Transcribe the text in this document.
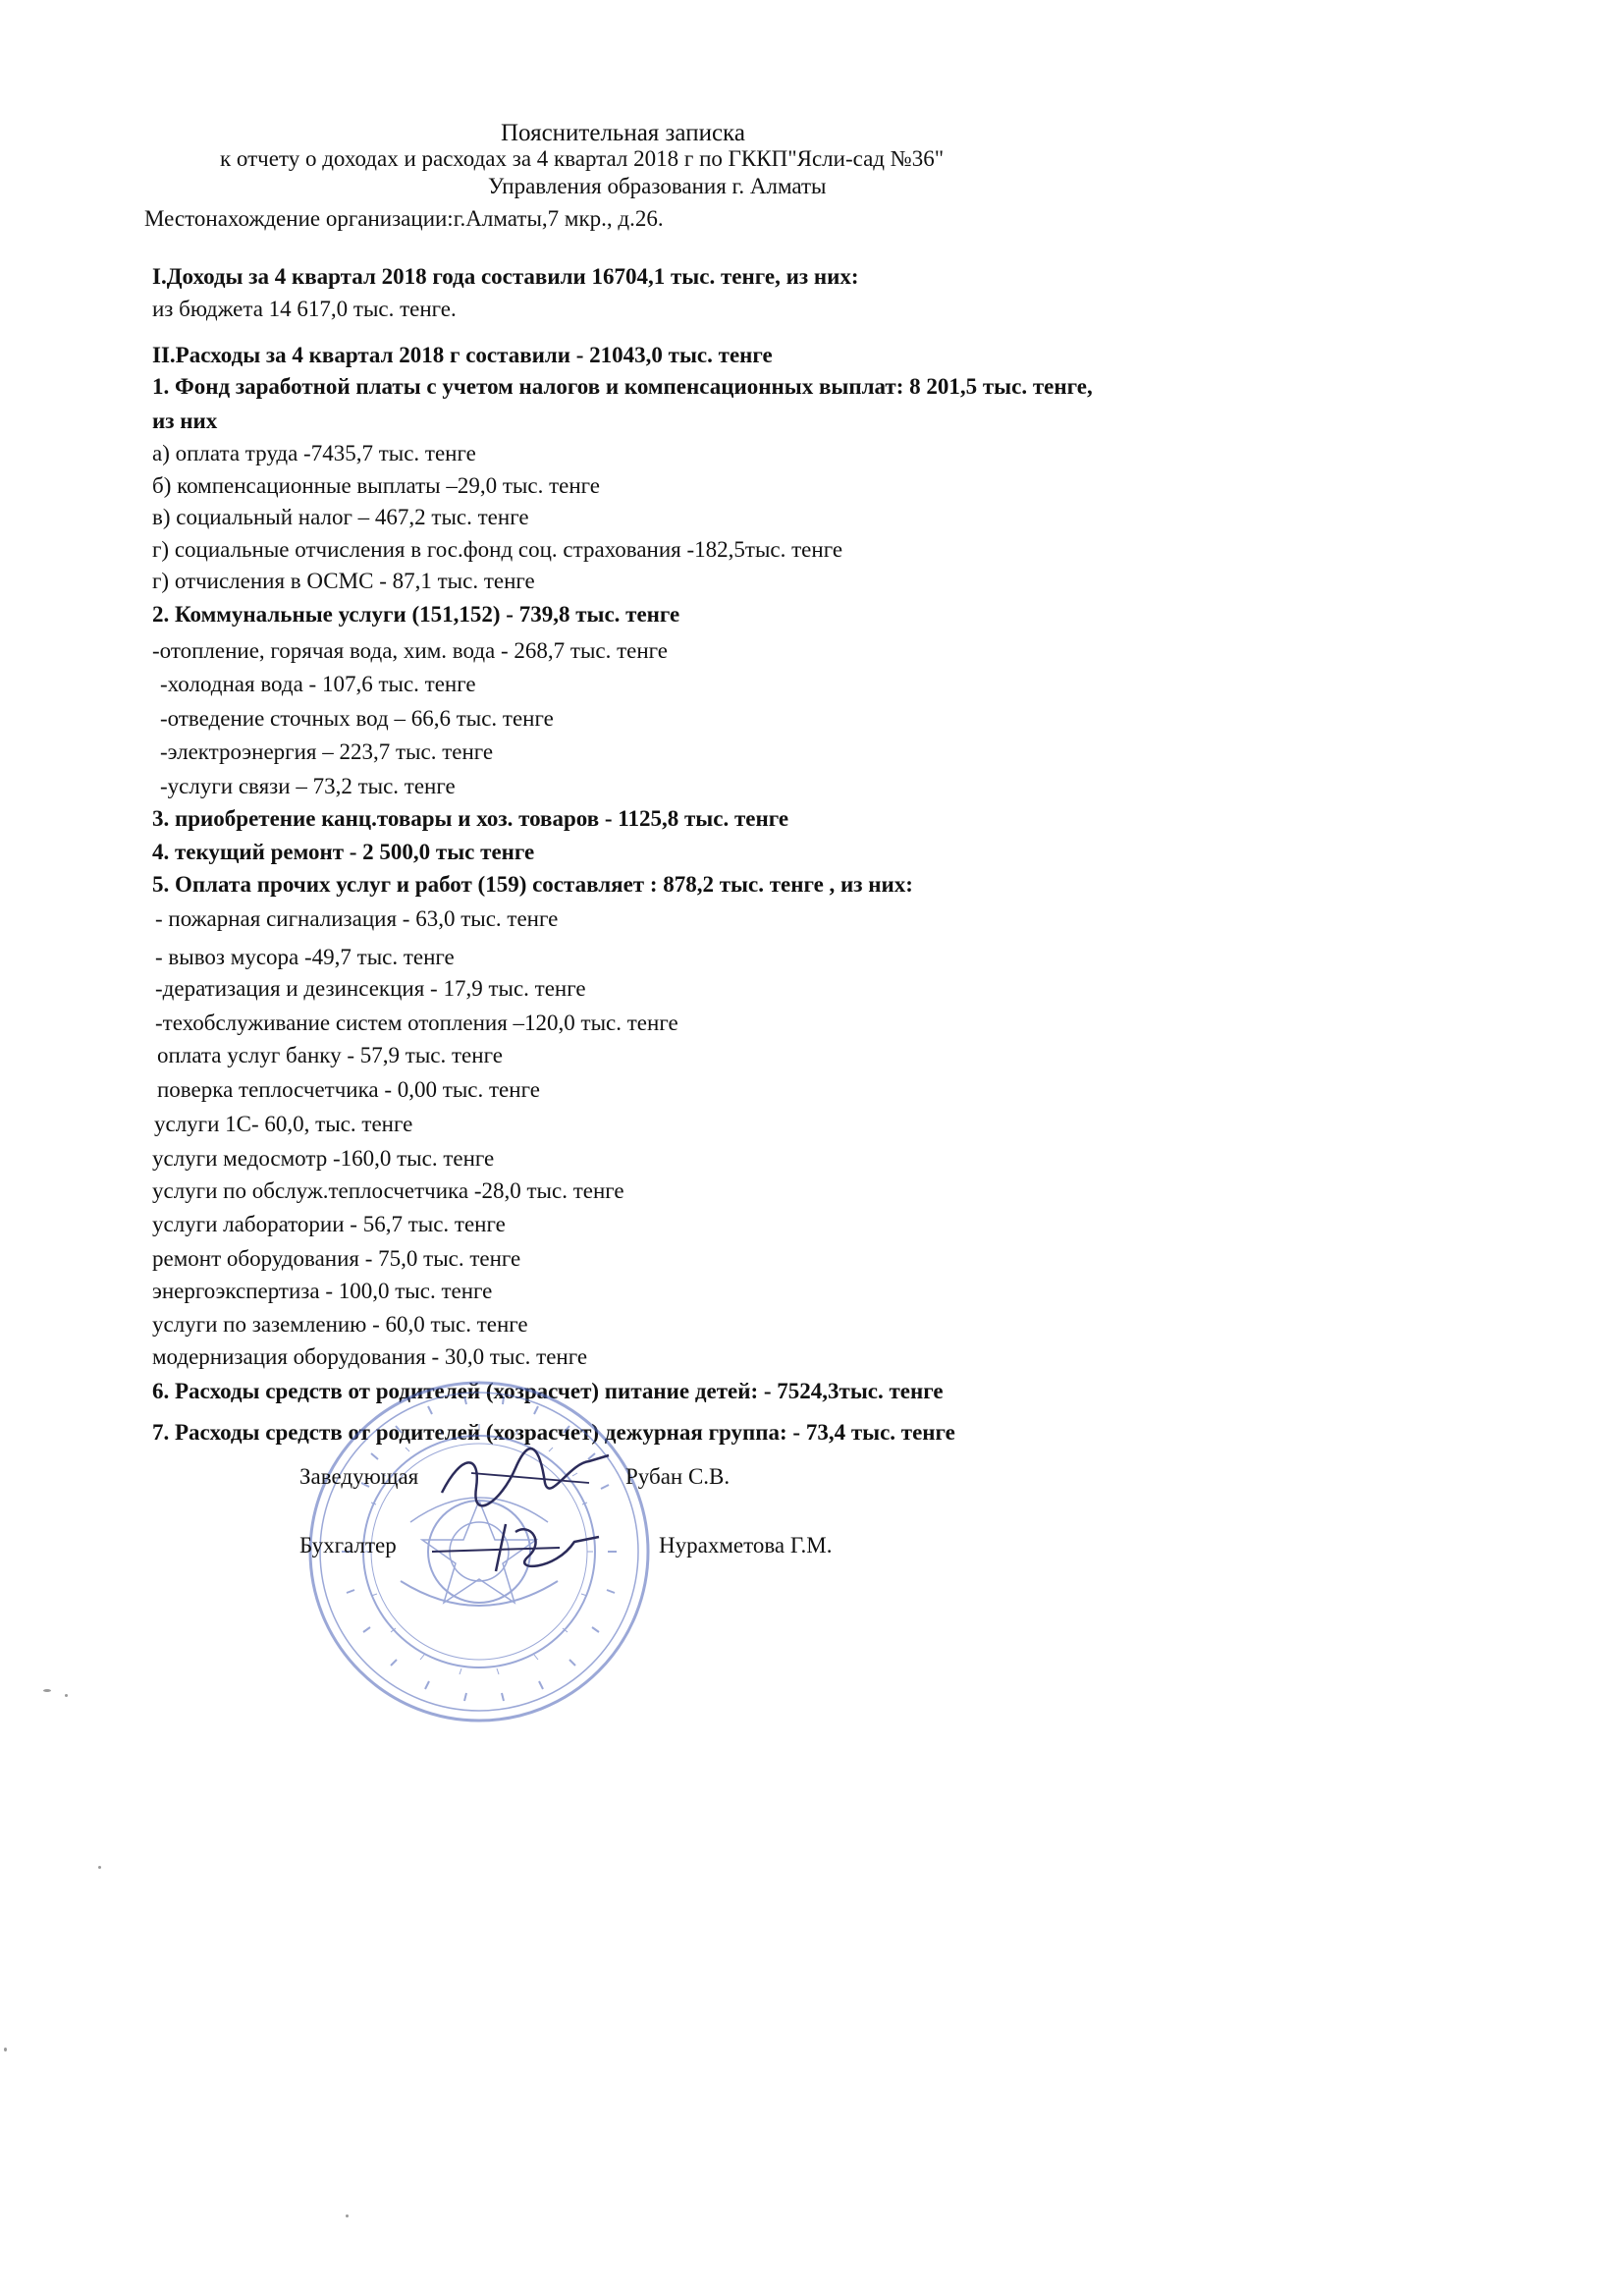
Пояснительная записка
к отчету о доходах и расходах за 4 квартал 2018 г по ГККП"Ясли-сад №36"
Управления образования г. Алматы
Местонахождение организации:г.Алматы,7 мкр., д.26.
I.Доходы за 4 квартал 2018 года составили 16704,1 тыс. тенге, из них:
из бюджета 14 617,0 тыс. тенге.
II.Расходы за 4 квартал 2018 г составили - 21043,0 тыс. тенге
1. Фонд заработной платы с учетом налогов и компенсационных выплат: 8 201,5 тыс. тенге,
из них
а) оплата труда -7435,7 тыс. тенге
б) компенсационные выплаты –29,0 тыс. тенге
в) социальный налог – 467,2 тыс. тенге
г) социальные отчисления в гос.фонд соц. страхования -182,5тыс. тенге
г) отчисления в ОСМС - 87,1 тыс. тенге
2. Коммунальные услуги (151,152) - 739,8 тыс. тенге
-отопление, горячая вода, хим. вода - 268,7 тыс. тенге
-холодная вода - 107,6 тыс. тенге
-отведение сточных вод – 66,6 тыс. тенге
-электроэнергия – 223,7 тыс. тенге
-услуги связи – 73,2 тыс. тенге
3. приобретение канц.товары и хоз. товаров - 1125,8 тыс. тенге
4. текущий ремонт - 2 500,0 тыс тенге
5. Оплата прочих услуг и работ (159) составляет : 878,2 тыс. тенге , из них:
- пожарная сигнализация - 63,0 тыс. тенге
- вывоз мусора -49,7 тыс. тенге
-дератизация и дезинсекция - 17,9 тыс. тенге
-техобслуживание систем отопления –120,0 тыс. тенге
оплата услуг банку - 57,9 тыс. тенге
поверка теплосчетчика - 0,00 тыс. тенге
услуги 1С- 60,0, тыс. тенге
услуги медосмотр -160,0 тыс. тенге
услуги по обслуж.теплосчетчика -28,0 тыс. тенге
услуги лаборатории - 56,7 тыс. тенге
ремонт оборудования - 75,0 тыс. тенге
энергоэкспертиза - 100,0 тыс. тенге
услуги по заземлению - 60,0 тыс. тенге
модернизация оборудования - 30,0 тыс. тенге
6. Расходы средств от родителей (хозрасчет) питание детей: - 7524,3тыс. тенге
7. Расходы средств от родителей (хозрасчет) дежурная группа: - 73,4 тыс. тенге
Заведующая	Рубан С.В.
Бухгалтер	Нурахметова Г.М.
